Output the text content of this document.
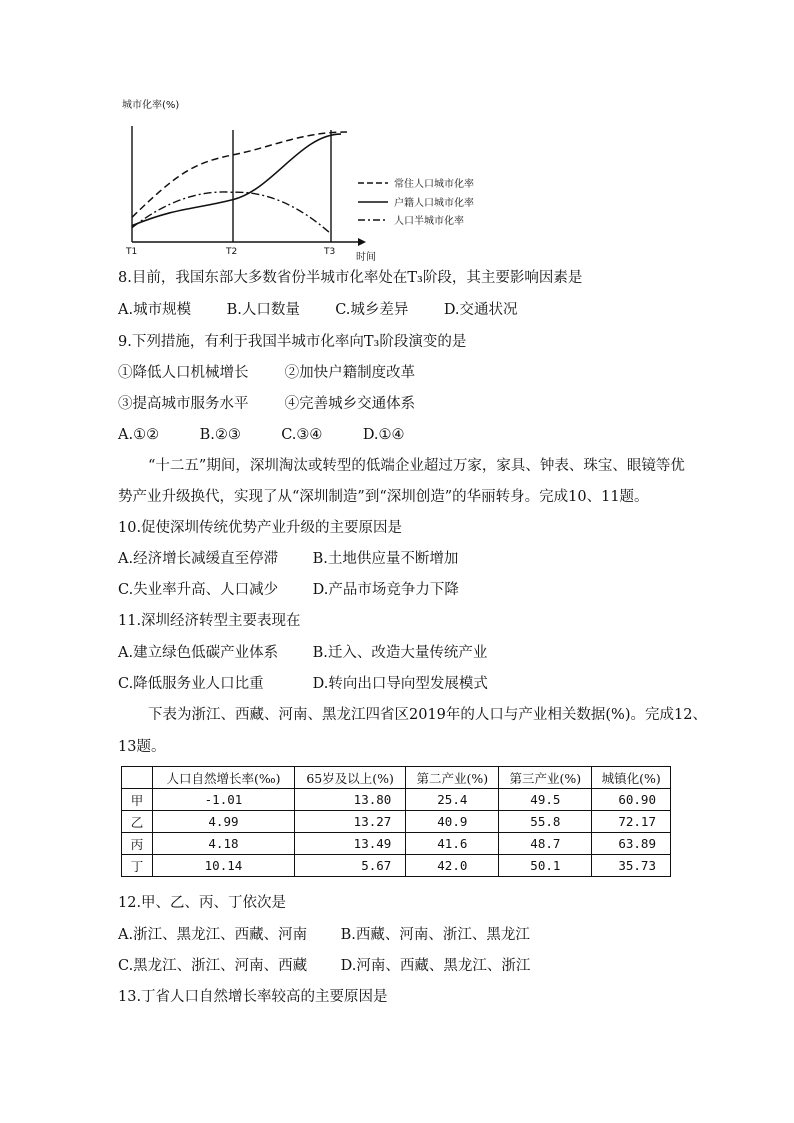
城市化率(%)
T1	T2	T3 时间
常住人口城市化率
户籍人口城市化率
人口半城市化率
8.目前，我国东部大多数省份半城市化率处在T₃阶段，其主要影响因素是
A.城市规模 B.人口数量 C.城乡差异 D.交通状况
9.下列措施，有利于我国半城市化率向T₃阶段演变的是
①降低人口机械增长 ②加快户籍制度改革
③提高城市服务水平 ④完善城乡交通体系
A.①②	B.②③	C.③④	D.①④
“十二五”期间，深圳淘汰或转型的低端企业超过万家，家具、钟表、珠宝、眼镜等优
势产业升级换代，实现了从“深圳制造”到“深圳创造”的华丽转身。完成10、11题。
10.促使深圳传统优势产业升级的主要原因是
A.经济增长减缓直至停滞 B.土地供应量不断增加
C.失业率升高、人口减少 D.产品市场竞争力下降
11.深圳经济转型主要表现在
A.建立绿色低碳产业体系 B.迁入、改造大量传统产业
C.降低服务业人口比重	D.转向出口导向型发展模式
下表为浙江、西藏、河南、黑龙江四省区2019年的人口与产业相关数据(%)。完成12、
13题。
	人口自然增长率(‰)	65岁及以上(%)	第二产业(%)	第三产业(%)	城镇化(%)
甲	-1.01	13.80	25.4	49.5	60.90
乙	4.99	13.27	40.9	55.8	72.17
丙	4.18	13.49	41.6	48.7	63.89
丁	10.14	5.67	42.0	50.1	35.73
12.甲、乙、丙、丁依次是
A.浙江、黑龙江、西藏、河南 B.西藏、河南、浙江、黑龙江
C.黑龙江、浙江、河南、西藏 D.河南、西藏、黑龙江、浙江
13.丁省人口自然增长率较高的主要原因是
